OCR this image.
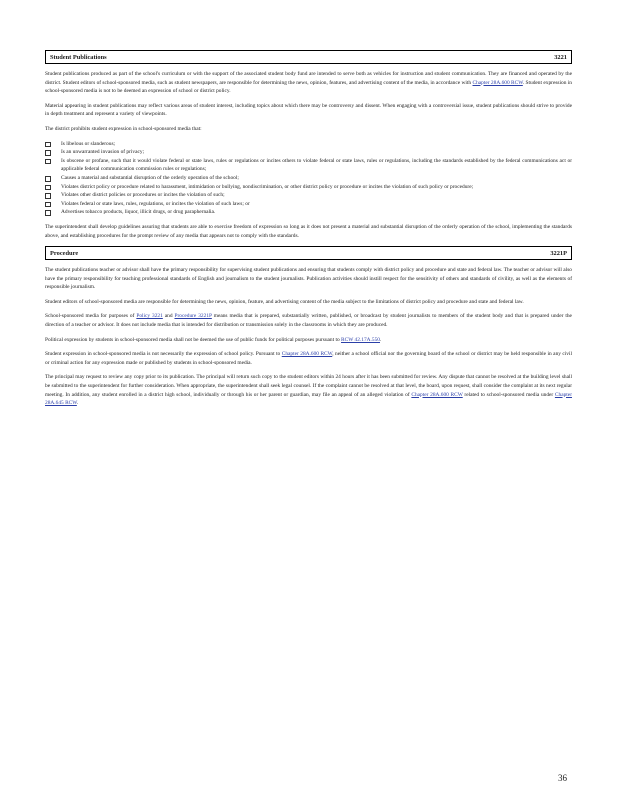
Student Publications	3221

Student publications produced as part of the school's curriculum or with the support of the associated student body fund are intended to serve both as vehicles for instruction and student communication. They are financed and operated by the district. Student editors of school-sponsored media, such as student newspapers, are responsible for determining the news, opinion, features, and advertising content of the media, in accordance with Chapter 28A.600 RCW. Student expression in school-sponsored media is not to be deemed an expression of school or district policy.

Material appearing in student publications may reflect various areas of student interest, including topics about which there may be controversy and dissent. When engaging with a controversial issue, student publications should strive to provide in depth treatment and represent a variety of viewpoints.

The district prohibits student expression in school-sponsored media that:

Is libelous or slanderous;
Is an unwarranted invasion of privacy;
Is obscene or profane, such that it would violate federal or state laws, rules or regulations or incites others to violate federal or state laws, rules or regulations, including the standards established by the federal communications act or applicable federal communication commission rules or regulations;
Causes a material and substantial disruption of the orderly operation of the school;
Violates district policy or procedure related to harassment, intimidation or bullying, nondiscrimination, or other district policy or procedure or incites the violation of such policy or procedure;
Violates other district policies or procedures or incites the violation of such;
Violates federal or state laws, rules, regulations, or incites the violation of such laws; or
Advertises tobacco products, liquor, illicit drugs, or drug paraphernalia.

The superintendent shall develop guidelines assuring that students are able to exercise freedom of expression so long as it does not present a material and substantial disruption of the orderly operation of the school, implementing the standards above, and establishing procedures for the prompt review of any media that appears not to comply with the standards.

Procedure	3221P

The student publications teacher or advisor shall have the primary responsibility for supervising student publications and ensuring that students comply with district policy and procedure and state and federal law. The teacher or advisor will also have the primary responsibility for teaching professional standards of English and journalism to the student journalists. Publication activities should instill respect for the sensitivity of others and standards of civility, as well as the elements of responsible journalism.

Student editors of school-sponsored media are responsible for determining the news, opinion, feature, and advertising content of the media subject to the limitations of district policy and procedure and state and federal law.

School-sponsored media for purposes of Policy 3221 and Procedure 3221P means media that is prepared, substantially written, published, or broadcast by student journalists to members of the student body and that is prepared under the direction of a teacher or advisor. It does not include media that is intended for distribution or transmission solely in the classrooms in which they are produced.

Political expression by students in school-sponsored media shall not be deemed the use of public funds for political purposes pursuant to RCW 42.17A.550.

Student expression in school-sponsored media is not necessarily the expression of school policy. Pursuant to Chapter 28A.600 RCW, neither a school official nor the governing board of the school or district may be held responsible in any civil or criminal action for any expression made or published by students in school-sponsored media.

The principal may request to review any copy prior to its publication. The principal will return such copy to the student editors within 24 hours after it has been submitted for review. Any dispute that cannot be resolved at the building level shall be submitted to the superintendent for further consideration. When appropriate, the superintendent shall seek legal counsel. If the complaint cannot be resolved at that level, the board, upon request, shall consider the complaint at its next regular meeting. In addition, any student enrolled in a district high school, individually or through his or her parent or guardian, may file an appeal of an alleged violation of Chapter 28A.600 RCW related to school-sponsored media under Chapter 28A.645 RCW.

36
